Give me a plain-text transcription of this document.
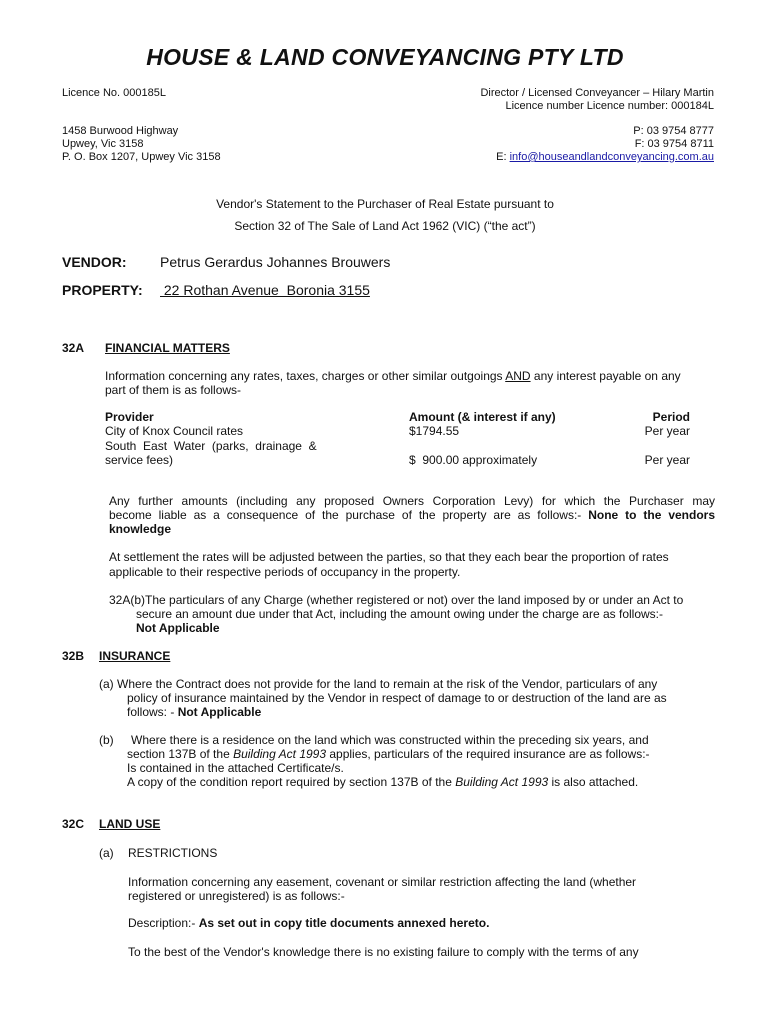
HOUSE & LAND CONVEYANCING PTY LTD
Licence No. 000185L	Director / Licensed Conveyancer – Hilary Martin
Licence number Licence number: 000184L
1458 Burwood Highway
Upwey, Vic 3158
P. O. Box 1207, Upwey Vic 3158
P: 03 9754 8777
F: 03 9754 8711
E: info@houseandlandconveyancing.com.au
Vendor's Statement to the Purchaser of Real Estate pursuant to
Section 32 of The Sale of Land Act 1962 (VIC) (“the act”)
VENDOR: Petrus Gerardus Johannes Brouwers
PROPERTY: 22 Rothan Avenue  Boronia 3155
32A FINANCIAL MATTERS
Information concerning any rates, taxes, charges or other similar outgoings AND any interest payable on any
part of them is as follows-
Provider	Amount (& interest if any)	Period
City of Knox Council rates	$1794.55	Per year
South  East  Water  (parks,  drainage  &
service fees)	$  900.00 approximately	Per year
Any further amounts (including any proposed Owners Corporation Levy) for which the Purchaser may
become liable as a consequence of the purchase of the property are as follows:- None to the vendors
knowledge
At settlement the rates will be adjusted between the parties, so that they each bear the proportion of rates
applicable to their respective periods of occupancy in the property.
32A(b)The particulars of any Charge (whether registered or not) over the land imposed by or under an Act to
secure an amount due under that Act, including the amount owing under the charge are as follows:-
Not Applicable
32B INSURANCE
(a) Where the Contract does not provide for the land to remain at the risk of the Vendor, particulars of any
policy of insurance maintained by the Vendor in respect of damage to or destruction of the land are as
follows: - Not Applicable
(b) Where there is a residence on the land which was constructed within the preceding six years, and
section 137B of the Building Act 1993 applies, particulars of the required insurance are as follows:-
Is contained in the attached Certificate/s.
A copy of the condition report required by section 137B of the Building Act 1993 is also attached.
32C LAND USE
(a) RESTRICTIONS
Information concerning any easement, covenant or similar restriction affecting the land (whether
registered or unregistered) is as follows:-
Description:- As set out in copy title documents annexed hereto.
To the best of the Vendor's knowledge there is no existing failure to comply with the terms of any
